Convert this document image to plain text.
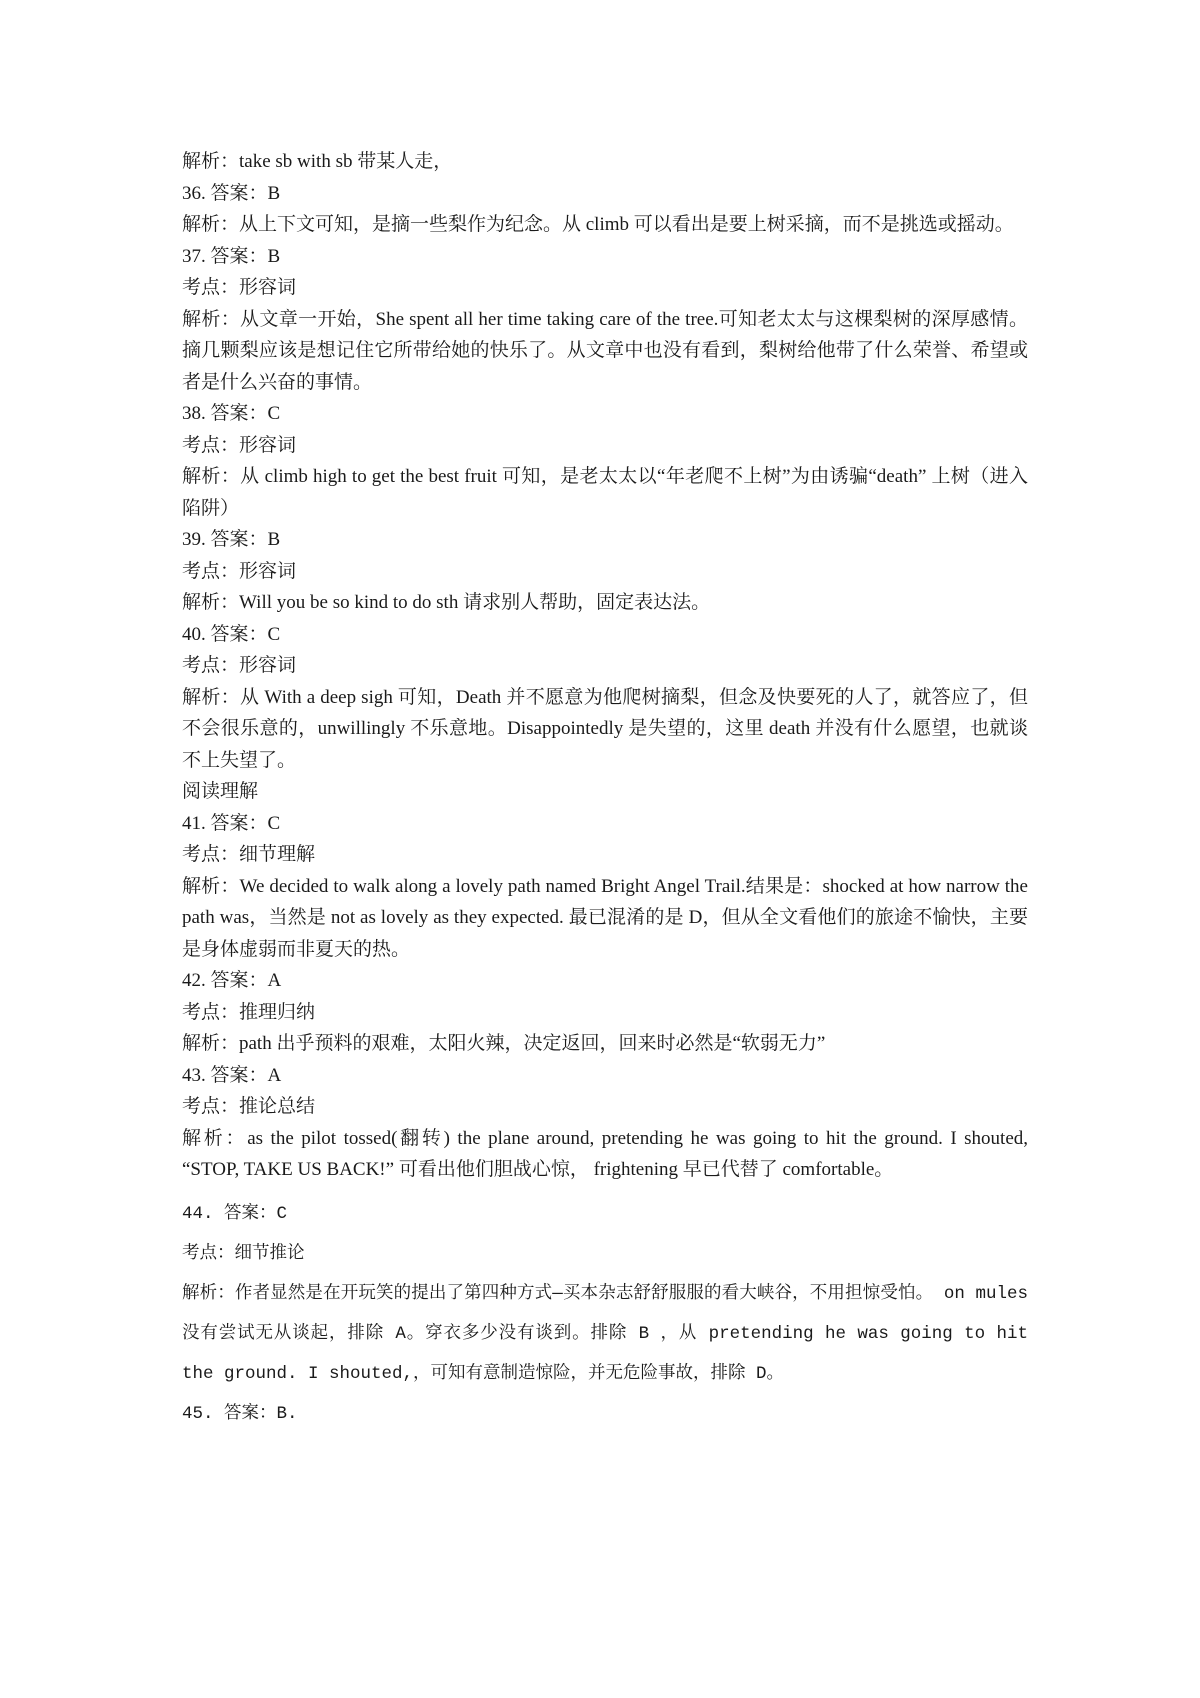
解析：take sb with sb 带某人走，

36. 答案：B

解析：从上下文可知，是摘一些梨作为纪念。从 climb 可以看出是要上树采摘，而不是挑选或摇动。

37. 答案：B

考点：形容词

解析：从文章一开始，She spent all her time taking care of the tree.可知老太太与这棵梨树的深厚感情。摘几颗梨应该是想记住它所带给她的快乐了。从文章中也没有看到，梨树给他带了什么荣誉、希望或者是什么兴奋的事情。

38. 答案：C

考点：形容词

解析：从 climb high to get the best fruit 可知，是老太太以“年老爬不上树”为由诱骗“death” 上树（进入陷阱）

39. 答案：B

考点：形容词

解析：Will you be so kind to do sth 请求别人帮助，固定表达法。

40. 答案：C

考点：形容词

解析：从 With a deep sigh 可知，Death 并不愿意为他爬树摘梨，但念及快要死的人了，就答应了，但不会很乐意的，unwillingly 不乐意地。Disappointedly 是失望的，这里 death 并没有什么愿望，也就谈不上失望了。

阅读理解

41. 答案：C

考点：细节理解

解析：We decided to walk along a lovely path named Bright Angel Trail.结果是：shocked at how narrow the path was，当然是 not as lovely as they expected. 最已混淆的是 D，但从全文看他们的旅途不愉快，主要是身体虚弱而非夏天的热。

42. 答案：A

考点：推理归纳

解析：path 出乎预料的艰难，太阳火辣，决定返回，回来时必然是“软弱无力”

43. 答案：A

考点：推论总结

解析：as the pilot tossed(翻转) the plane around, pretending he was going to hit the ground. I shouted, “STOP, TAKE US BACK!” 可看出他们胆战心惊， frightening 早已代替了 comfortable。

44. 答案：C

考点：细节推论

解析：作者显然是在开玩笑的提出了第四种方式—买本杂志舒舒服服的看大峡谷，不用担惊受怕。 on mules 没有尝试无从谈起，排除 A。穿衣多少没有谈到。排除 B ，从 pretending he was going to hit the ground. I shouted,，可知有意制造惊险，并无危险事故，排除 D。

45. 答案：B.
